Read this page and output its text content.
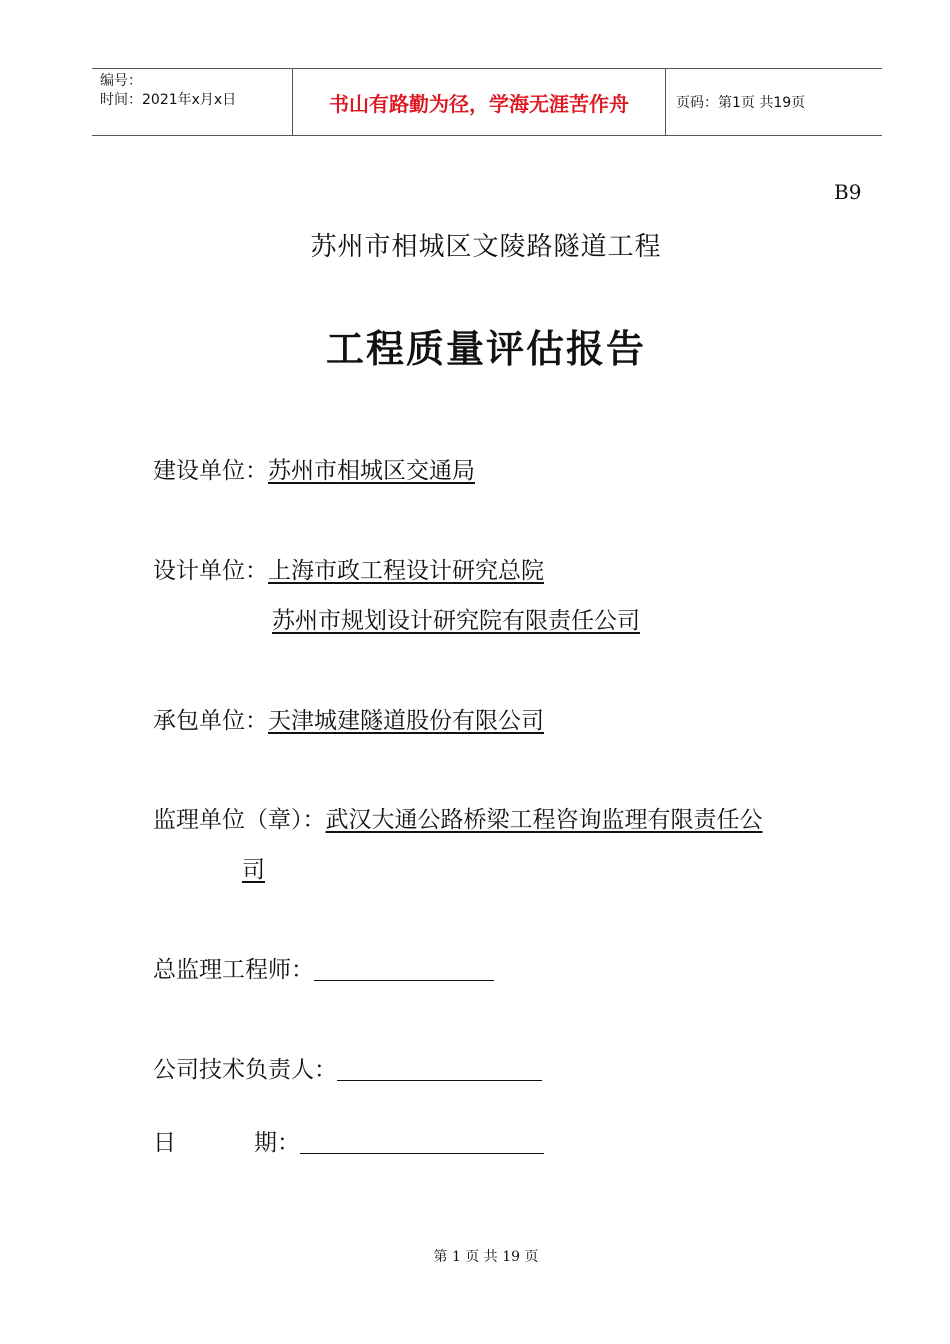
编号：
时间：2021年x月x日	书山有路勤为径，学海无涯苦作舟	页码：第1页 共19页
B9
苏州市相城区文陵路隧道工程
工程质量评估报告
建设单位：苏州市相城区交通局
设计单位：上海市政工程设计研究总院
苏州市规划设计研究院有限责任公司
承包单位：天津城建隧道股份有限公司
监理单位（章）：武汉大通公路桥梁工程咨询监理有限责任公
司
总监理工程师：
公司技术负责人：
日	期：
第 1 页 共 19 页
